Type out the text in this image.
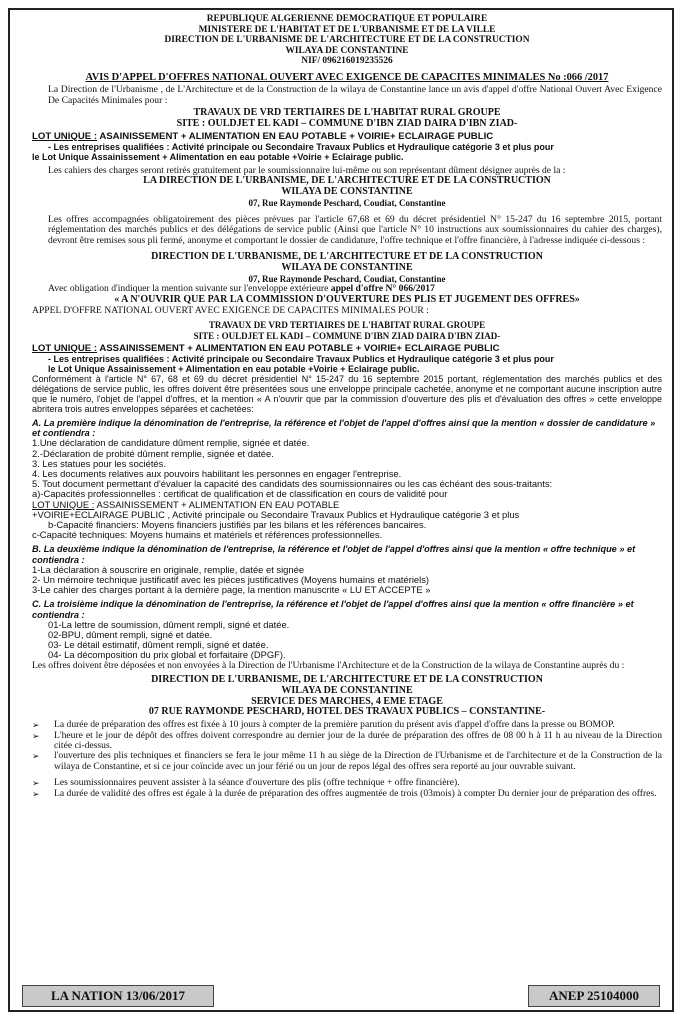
REPUBLIQUE ALGERIENNE DEMOCRATIQUE ET POPULAIRE
MINISTERE DE L'HABITAT ET DE L'URBANISME ET DE LA VILLE
DIRECTION DE L'URBANISME DE L'ARCHITECTURE ET DE LA CONSTRUCTION
WILAYA DE CONSTANTINE
NIF/ 096216019235526
AVIS D'APPEL D'OFFRES NATIONAL OUVERT AVEC EXIGENCE DE CAPACITES MINIMALES No :066 /2017

La Direction de l'Urbanisme , de L'Architecture et de la Construction de la wilaya de Constantine lance un avis d'appel d'offre National Ouvert Avec Exigence De Capacités Minimales pour :

TRAVAUX DE VRD TERTIAIRES DE L'HABITAT RURAL GROUPE
SITE : OULDJET EL KADI – COMMUNE D'IBN ZIAD DAIRA D'IBN ZIAD-
LOT UNIQUE : ASAINISSEMENT + ALIMENTATION EN EAU POTABLE + VOIRIE+ ECLAIRAGE PUBLIC
- Les entreprises qualifiées : Activité principale ou Secondaire Travaux Publics et Hydraulique catégorie 3 et plus pour
le Lot Unique Assainissement + Alimentation en eau potable +Voirie + Eclairage public.

Les cahiers des charges seront retirés gratuitement par le soumissionnaire lui-même ou son représentant dûment désigner auprès de la :

LA DIRECTION DE L'URBANISME, DE L'ARCHITECTURE ET DE LA CONSTRUCTION
WILAYA DE CONSTANTINE
07, Rue Raymonde Peschard, Coudiat, Constantine

Les offres accompagnées obligatoirement des pièces prévues par l'article 67,68 et 69 du décret présidentiel N° 15-247 du 16 septembre 2015, portant réglementation des marchés publics et des délégations de service public (Ainsi que l'article N° 10 instructions aux soumissionnaires du cahier des charges), devront être remises sous pli fermé, anonyme et comportant le dossier de candidature, l'offre technique et l'offre financière, à l'adresse indiquée ci-dessous :

DIRECTION DE L'URBANISME, DE L'ARCHITECTURE ET DE LA CONSTRUCTION
WILAYA DE CONSTANTINE
07, Rue Raymonde Peschard, Coudiat, Constantine

Avec obligation d'indiquer la mention suivante sur l'enveloppe extérieure appel d'offre N° 066/2017

« A N'OUVRIR QUE PAR LA COMMISSION D'OUVERTURE DES PLIS ET JUGEMENT DES OFFRES»
APPEL D'OFFRE NATIONAL OUVERT AVEC EXIGENCE DE CAPACITES MINIMALES POUR :
TRAVAUX DE VRD TERTIAIRES DE L'HABITAT RURAL GROUPE
SITE : OULDJET EL KADI – COMMUNE D'IBN ZIAD DAIRA D'IBN ZIAD-
LOT UNIQUE : ASSAINISSEMENT + ALIMENTATION EN EAU POTABLE + VOIRIE+ ECLAIRAGE PUBLIC
- Les entreprises qualifiées : Activité principale ou Secondaire Travaux Publics et Hydraulique catégorie 3 et plus pour
le Lot Unique Assainissement + Alimentation en eau potable +Voirie + Eclairage public.

Conformément à l'article N° 67, 68 et 69 du décret présidentiel N° 15-247 du 16 septembre 2015 portant, réglementation des marchés publics et des délégations de service public, les offres doivent être présentées sous une enveloppe principale cachetée, anonyme et ne comportant aucune inscription autre que le numéro, l'objet de l'appel d'offres, et la mention « A n'ouvrir que par la commission d'ouverture des plis et d'évaluation des offres » cette enveloppe abritera trois autres enveloppes séparées et cachetées:

A. La première indique la dénomination de l'entreprise, la référence et l'objet de l'appel d'offres ainsi que la mention « dossier de candidature » et contiendra :
1.Une déclaration de candidature dûment remplie, signée et datée.
2.-Déclaration de probité dûment remplie, signée et datée.
3. Les statues pour les sociétés.
4. Les documents relatives aux pouvoirs habilitant les personnes en engager l'entreprise.
5. Tout document permettant d'évaluer la capacité des candidats des soumissionnaires ou les cas échéant des sous-traitants:
a)-Capacités professionnelles : certificat de qualification et de classification en cours de validité pour
LOT UNIQUE : ASSAINISSEMENT + ALIMENTATION EN EAU POTABLE
+VOIRIE+ECLAIRAGE PUBLIC , Activité principale ou Secondaire Travaux Publics et Hydraulique catégorie 3 et plus
b-Capacité financiers: Moyens financiers justifiés par les bilans et les références bancaires.
c-Capacité techniques: Moyens humains et matériels et références professionnelles.
B. La deuxième indique la dénomination de l'entreprise, la référence et l'objet de l'appel d'offres ainsi que la mention « offre technique » et contiendra :
1-La déclaration à souscrire en originale, remplie, datée et signée
2- Un mémoire technique justificatif avec les pièces justificatives (Moyens humains et matériels)
3-Le cahier des charges portant à la dernière page, la mention manuscrite « LU ET ACCEPTE »
C. La troisième indique la dénomination de l'entreprise, la référence et l'objet de l'appel d'offres ainsi que la mention « offre financière » et contiendra :
01-La lettre de soumission, dûment rempli, signé et datée.
02-BPU, dûment rempli, signé et datée.
03- Le détail estimatif, dûment rempli, signé et datée.
04- La décomposition du prix global et forfaitaire (DPGF).

Les offres doivent être déposées et non envoyées à la Direction de l'Urbanisme l'Architecture et de la Construction de la wilaya de Constantine auprès du :

DIRECTION DE L'URBANISME, DE L'ARCHITECTURE ET DE LA CONSTRUCTION
WILAYA DE CONSTANTINE
SERVICE DES MARCHES, 4 EME ETAGE
07 RUE RAYMONDE PESCHARD, HOTEL DES TRAVAUX PUBLICS – CONSTANTINE-
➢	La durée de préparation des offres est fixée à 10 jours à compter de la première parution du présent avis d'appel d'offre dans la presse ou BOMOP.
➢	L'heure et le jour de dépôt des offres doivent correspondre au dernier jour de la durée de préparation des offres de 08 00 h à 11 h au niveau de la Direction citée ci-dessus.
➢	l'ouverture des plis techniques et financiers se fera le jour même 11 h au siège de la Direction de l'Urbanisme et de l'architecture et de la Construction de la wilaya de Constantine, et si ce jour coïncide avec un jour férié ou un jour de repos légal des offres sera reporté au jour ouvrable suivant.
➢	Les soumissionnaires peuvent assister à la séance d'ouverture des plis (offre technique + offre financière).
➢	La durée de validité des offres est égale à la durée de préparation des offres augmentée de trois (03mois) à compter Du dernier jour de préparation des offres.
LA NATION 13/06/2017	ANEP 25104000
